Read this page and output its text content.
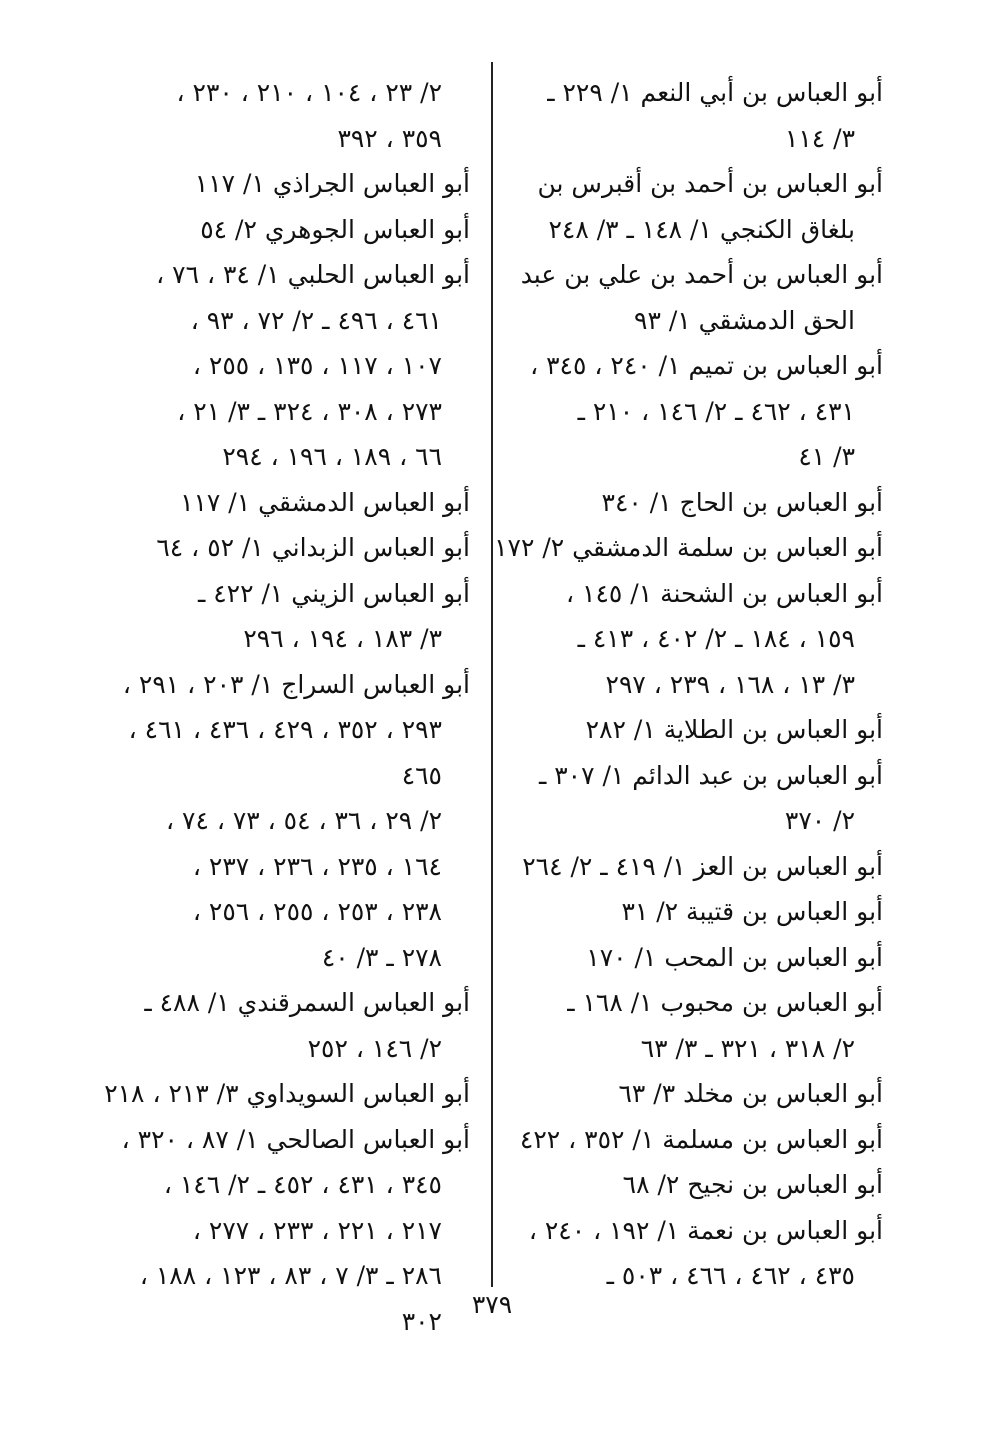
أبو العباس بن أبي النعم ١/ ٢٢٩ ـ
٣/ ١١٤
أبو العباس بن أحمد بن أقبرس بن
بلغاق الكنجي ١/ ١٤٨ ـ ٣/ ٢٤٨
أبو العباس بن أحمد بن علي بن عبد
الحق الدمشقي ١/ ٩٣
أبو العباس بن تميم ١/ ٢٤٠ ، ٣٤٥ ،
٤٣١ ، ٤٦٢ ـ ٢/ ١٤٦ ، ٢١٠ ـ
٣/ ٤١
أبو العباس بن الحاج ١/ ٣٤٠
أبو العباس بن سلمة الدمشقي ٢/ ١٧٢
أبو العباس بن الشحنة ١/ ١٤٥ ،
١٥٩ ، ١٨٤ ـ ٢/ ٤٠٢ ، ٤١٣ ـ
٣/ ١٣ ، ١٦٨ ، ٢٣٩ ، ٢٩٧
أبو العباس بن الطلاية ١/ ٢٨٢
أبو العباس بن عبد الدائم ١/ ٣٠٧ ـ
٢/ ٣٧٠
أبو العباس بن العز ١/ ٤١٩ ـ ٢/ ٢٦٤
أبو العباس بن قتيبة ٢/ ٣١
أبو العباس بن المحب ١/ ١٧٠
أبو العباس بن محبوب ١/ ١٦٨ ـ
٢/ ٣١٨ ، ٣٢١ ـ ٣/ ٦٣
أبو العباس بن مخلد ٣/ ٦٣
أبو العباس بن مسلمة ١/ ٣٥٢ ، ٤٢٢
أبو العباس بن نجيح ٢/ ٦٨
أبو العباس بن نعمة ١/ ١٩٢ ، ٢٤٠ ،
٤٣٥ ، ٤٦٢ ، ٤٦٦ ، ٥٠٣ ـ
٢/ ٢٣ ، ١٠٤ ، ٢١٠ ، ٢٣٠ ،
٣٥٩ ، ٣٩٢
أبو العباس الجراذي ١/ ١١٧
أبو العباس الجوهري ٢/ ٥٤
أبو العباس الحلبي ١/ ٣٤ ، ٧٦ ،
٤٦١ ، ٤٩٦ ـ ٢/ ٧٢ ، ٩٣ ،
١٠٧ ، ١١٧ ، ١٣٥ ، ٢٥٥ ،
٢٧٣ ، ٣٠٨ ، ٣٢٤ ـ ٣/ ٢١ ،
٦٦ ، ١٨٩ ، ١٩٦ ، ٢٩٤
أبو العباس الدمشقي ١/ ١١٧
أبو العباس الزبداني ١/ ٥٢ ، ٦٤
أبو العباس الزيني ١/ ٤٢٢ ـ
٣/ ١٨٣ ، ١٩٤ ، ٢٩٦
أبو العباس السراج ١/ ٢٠٣ ، ٢٩١ ،
٢٩٣ ، ٣٥٢ ، ٤٢٩ ، ٤٣٦ ، ٤٦١ ،
٤٦٥
٢/ ٢٩ ، ٣٦ ، ٥٤ ، ٧٣ ، ٧٤ ،
١٦٤ ، ٢٣٥ ، ٢٣٦ ، ٢٣٧ ،
٢٣٨ ، ٢٥٣ ، ٢٥٥ ، ٢٥٦ ،
٢٧٨ ـ ٣/ ٤٠
أبو العباس السمرقندي ١/ ٤٨٨ ـ
٢/ ١٤٦ ، ٢٥٢
أبو العباس السويداوي ٣/ ٢١٣ ، ٢١٨
أبو العباس الصالحي ١/ ٨٧ ، ٣٢٠ ،
٣٤٥ ، ٤٣١ ، ٤٥٢ ـ ٢/ ١٤٦ ،
٢١٧ ، ٢٢١ ، ٢٣٣ ، ٢٧٧ ،
٢٨٦ ـ ٣/ ٧ ، ٨٣ ، ١٢٣ ، ١٨٨ ،
٣٠٢
٣٧٩
